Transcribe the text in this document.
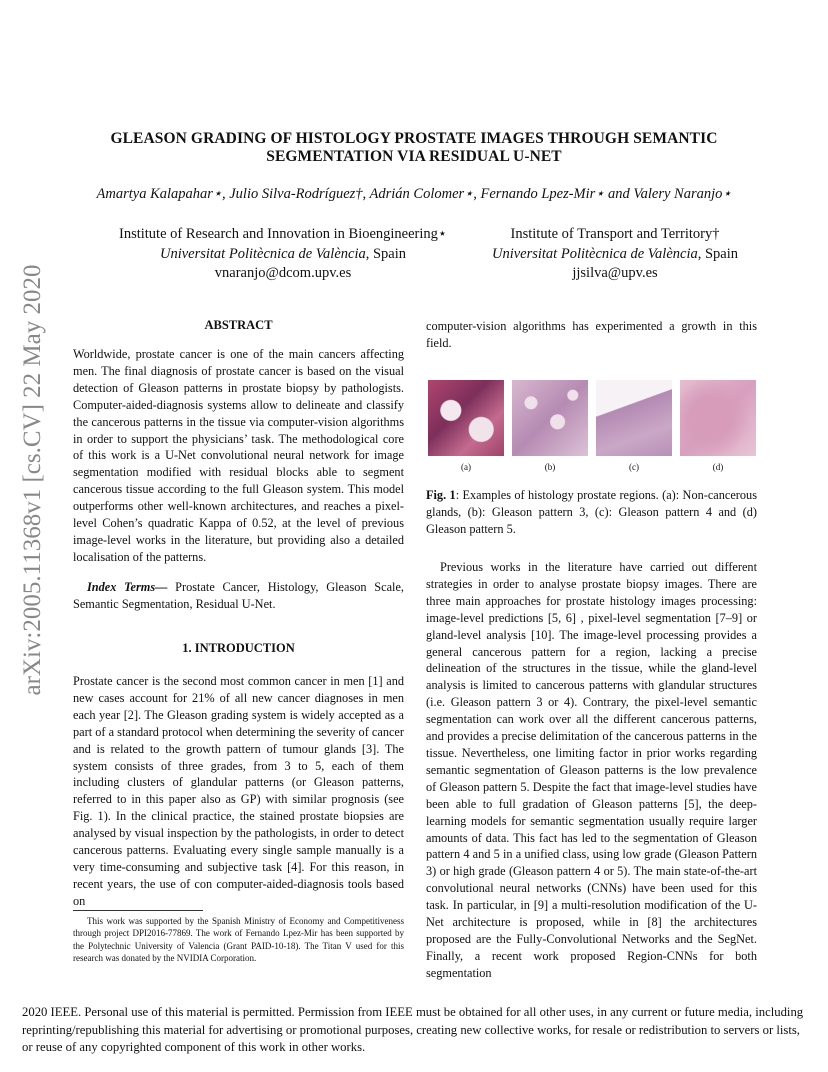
arXiv:2005.11368v1 [cs.CV] 22 May 2020
GLEASON GRADING OF HISTOLOGY PROSTATE IMAGES THROUGH SEMANTIC
SEGMENTATION VIA RESIDUAL U-NET
Amartya Kalapahar⋆, Julio Silva-Rodríguez†, Adrián Colomer⋆, Fernando Lpez-Mir⋆ and Valery Naranjo⋆
Institute of Research and Innovation in Bioengineering⋆
Universitat Politècnica de València, Spain
vnaranjo@dcom.upv.es
Institute of Transport and Territory†
Universitat Politècnica de València, Spain
jjsilva@upv.es
ABSTRACT

Worldwide, prostate cancer is one of the main cancers affecting men. The final diagnosis of prostate cancer is based on the visual detection of Gleason patterns in prostate biopsy by pathologists. Computer-aided-diagnosis systems allow to delineate and classify the cancerous patterns in the tissue via computer-vision algorithms in order to support the physicians’ task. The methodological core of this work is a U-Net convolutional neural network for image segmentation modified with residual blocks able to segment cancerous tissue according to the full Gleason system. This model outperforms other well-known architectures, and reaches a pixel-level Cohen’s quadratic Kappa of 0.52, at the level of previous image-level works in the literature, but providing also a detailed localisation of the patterns.

Index Terms— Prostate Cancer, Histology, Gleason Scale, Semantic Segmentation, Residual U-Net.

1. INTRODUCTION

Prostate cancer is the second most common cancer in men [1] and new cases account for 21% of all new cancer diagnoses in men each year [2]. The Gleason grading system is widely accepted as a part of a standard protocol when determining the severity of cancer and is related to the growth pattern of tumour glands [3]. The system consists of three grades, from 3 to 5, each of them including clusters of glandular patterns (or Gleason patterns, referred to in this paper also as GP) with similar prognosis (see Fig. 1). In the clinical practice, the stained prostate biopsies are analysed by visual inspection by the pathologists, in order to detect cancerous patterns. Evaluating every single sample manually is a very time-consuming and subjective task [4]. For this reason, in recent years, the use of con computer-aided-diagnosis tools based on

This work was supported by the Spanish Ministry of Economy and Competitiveness through project DPI2016-77869. The work of Fernando Lpez-Mir has been supported by the Polytechnic University of Valencia (Grant PAID-10-18). The Titan V used for this research was donated by the NVIDIA Corporation.

computer-vision algorithms has experimented a growth in this field.

(a)	(b)	(c)	(d)

Fig. 1: Examples of histology prostate regions. (a): Non-cancerous glands, (b): Gleason pattern 3, (c): Gleason pattern 4 and (d) Gleason pattern 5.

Previous works in the literature have carried out different strategies in order to analyse prostate biopsy images. There are three main approaches for prostate histology images processing: image-level predictions [5, 6] , pixel-level segmentation [7–9] or gland-level analysis [10]. The image-level processing provides a general cancerous pattern for a region, lacking a precise delineation of the structures in the tissue, while the gland-level analysis is limited to cancerous patterns with glandular structures (i.e. Gleason pattern 3 or 4). Contrary, the pixel-level semantic segmentation can work over all the different cancerous patterns, and provides a precise delimitation of the cancerous patterns in the tissue. Nevertheless, one limiting factor in prior works regarding semantic segmentation of Gleason patterns is the low prevalence of Gleason pattern 5. Despite the fact that image-level studies have been able to full gradation of Gleason patterns [5], the deep-learning models for semantic segmentation usually require larger amounts of data. This fact has led to the segmentation of Gleason pattern 4 and 5 in a unified class, using low grade (Gleason Pattern 3) or high grade (Gleason pattern 4 or 5). The main state-of-the-art convolutional neural networks (CNNs) have been used for this task. In particular, in [9] a multi-resolution modification of the U-Net architecture is proposed, while in [8] the architectures proposed are the Fully-Convolutional Networks and the SegNet. Finally, a recent work proposed Region-CNNs for both segmentation

2020 IEEE. Personal use of this material is permitted. Permission from IEEE must be obtained for all other uses, in any current or future media, including reprinting/republishing this material for advertising or promotional purposes, creating new collective works, for resale or redistribution to servers or lists, or reuse of any copyrighted component of this work in other works.
